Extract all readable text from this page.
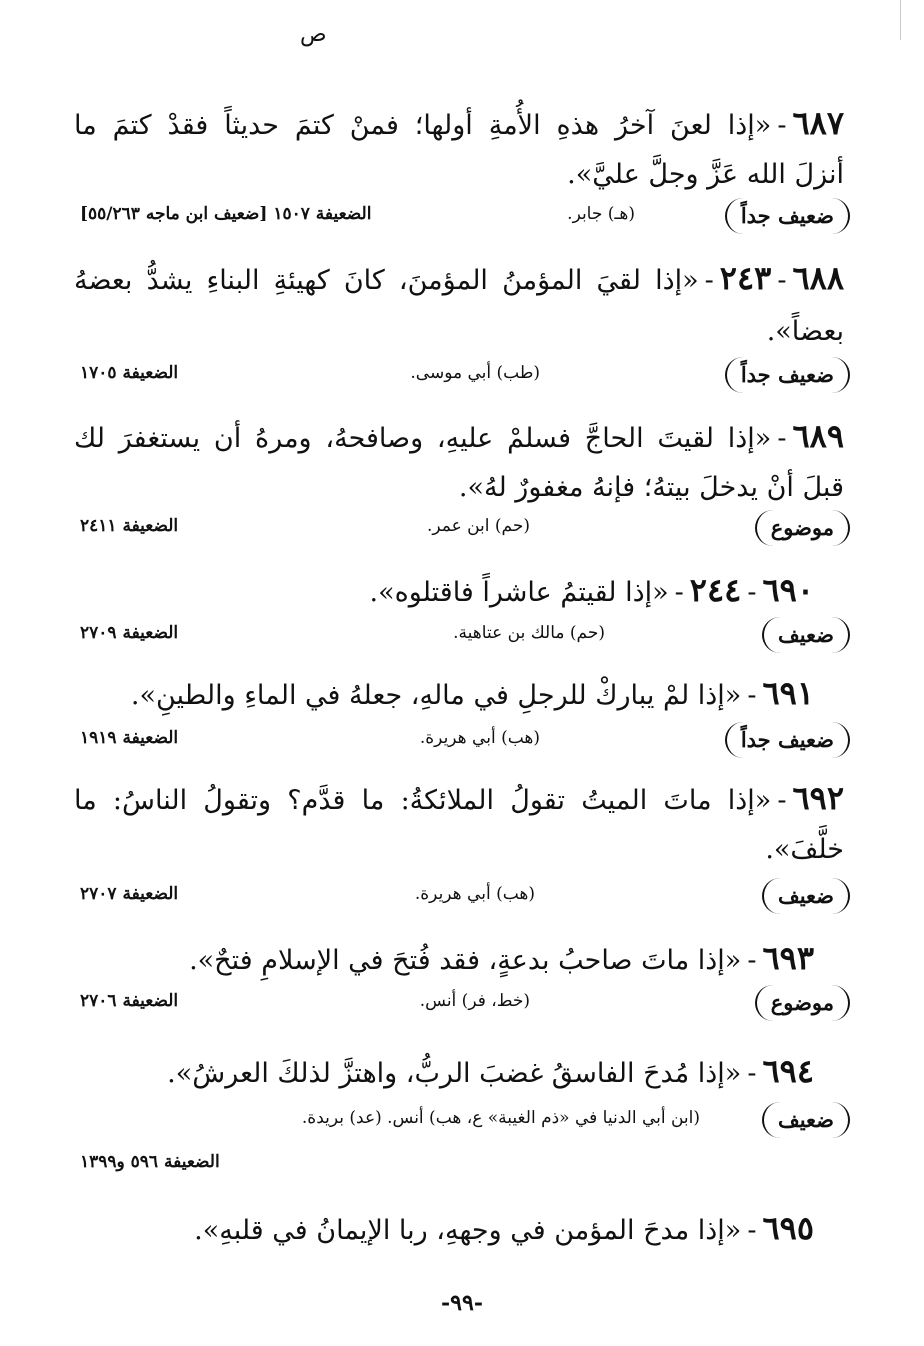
ص
٦٨٧-«إذا لعنَ آخرُ هذهِ الأُمةِ أولها؛ فمنْ كتمَ حديثاً فقدْ كتمَ ما
أنزلَ الله عَزَّ وجلَّ عليَّ».
ضعيف جداً
(هـ) جابر.
الضعيفة ١٥٠٧ [ضعيف ابن ماجه ٥٥/٢٦٣]
٦٨٨-٢٤٣-«إذا لقيَ المؤمنُ المؤمنَ، كانَ كهيئةِ البناءِ يشدُّ بعضهُ
بعضاً».
ضعيف جداً
(طب) أبي موسى.
الضعيفة ١٧٠٥
٦٨٩-«إذا لقيتَ الحاجَّ فسلمْ عليهِ، وصافحهُ، ومرهُ أن يستغفرَ لك
قبلَ أنْ يدخلَ بيتهُ؛ فإنهُ مغفورٌ لهُ».
موضوع
(حم) ابن عمر.
الضعيفة ٢٤١١
٦٩٠-٢٤٤-«إذا لقيتمُ عاشراً فاقتلوه».
ضعيف
(حم) مالك بن عتاهية.
الضعيفة ٢٧٠٩
٦٩١-«إذا لمْ يباركْ للرجلِ في مالهِ، جعلهُ في الماءِ والطينِ».
ضعيف جداً
(هب) أبي هريرة.
الضعيفة ١٩١٩
٦٩٢-«إذا ماتَ الميتُ تقولُ الملائكةُ: ما قدَّم؟ وتقولُ الناسُ: ما
خلَّفَ».
ضعيف
(هب) أبي هريرة.
الضعيفة ٢٧٠٧
٦٩٣-«إذا ماتَ صاحبُ بدعةٍ، فقد فُتحَ في الإسلامِ فتحٌ».
موضوع
(خط، فر) أنس.
الضعيفة ٢٧٠٦
٦٩٤-«إذا مُدحَ الفاسقُ غضبَ الربُّ، واهتزَّ لذلكَ العرشُ».
ضعيف
(ابن أبي الدنيا في «ذم الغيبة» ع، هب) أنس. (عد) بريدة.
الضعيفة ٥٩٦ و١٣٩٩
٦٩٥-«إذا مدحَ المؤمن في وجههِ، ربا الإيمانُ في قلبهِ».
-٩٩-
